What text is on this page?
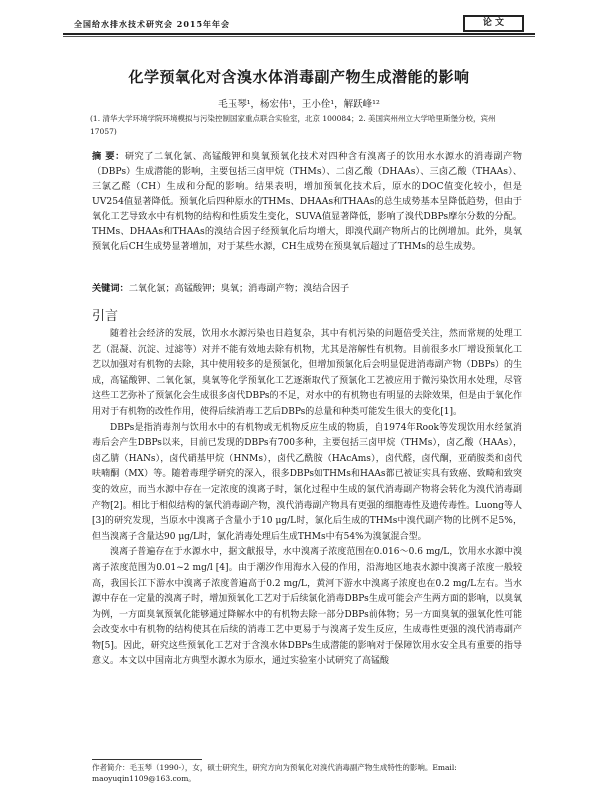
全国给水排水技术研究会 2015年年会	论 文
化学预氧化对含溴水体消毒副产物生成潜能的影响
毛玉琴¹，杨宏伟¹，王小佺¹，解跃峰¹²
(1. 清华大学环境学院环境模拟与污染控制国家重点联合实验室，北京 100084；2. 美国宾州州立大学哈里斯堡分校，宾州 17057)
摘 要：研究了二氧化氯、高锰酸钾和臭氧预氧化技术对四种含有溴离子的饮用水水源水的消毒副产物（DBPs）生成潜能的影响，主要包括三卤甲烷（THMs）、二卤乙酸（DHAAs）、三卤乙酸（THAAs）、三氯乙醛（CH）生成和分配的影响。结果表明，增加预氧化技术后，原水的DOC值变化较小，但是UV254值显著降低。预氧化后四种原水的THMs、DHAAs和THAAs的总生成势基本呈降低趋势，但由于氧化工艺导致水中有机物的结构和性质发生变化，SUVA值显著降低，影响了溴代DBPs摩尔分数的分配。THMs、DHAAs和THAAs的溴结合因子经预氧化后均增大，即溴代副产物所占的比例增加。此外，臭氧预氧化后CH生成势显著增加，对于某些水源，CH生成势在预臭氧后超过了THMs的总生成势。
关键词：二氧化氯；高锰酸钾；臭氧；消毒副产物；溴结合因子
引言

随着社会经济的发展，饮用水水源污染也日趋复杂，其中有机污染的问题倍受关注，然而常规的处理工艺（混凝、沉淀、过滤等）对并不能有效地去除有机物，尤其是溶解性有机物。目前很多水厂增设预氧化工艺以加强对有机物的去除，其中使用较多的是预氯化，但增加预氯化后会明显促进消毒副产物（DBPs）的生成，高锰酸钾、二氧化氯，臭氧等化学预氧化工艺逐渐取代了预氯化工艺被应用于微污染饮用水处理，尽管这些工艺弥补了预氯化会生成很多卤代DBPs的不足，对水中的有机物也有明显的去除效果，但是由于氧化作用对于有机物的改性作用，使得后续消毒工艺后DBPs的总量和种类可能发生很大的变化[1]。

DBPs是指消毒剂与饮用水中的有机物或无机物反应生成的物质，自1974年Rook等发现饮用水经氯消毒后会产生DBPs以来，目前已发现的DBPs有700多种，主要包括三卤甲烷（THMs），卤乙酸（HAAs），卤乙腈（HANs），卤代硝基甲烷（HNMs），卤代乙酰胺（HAcAms），卤代醛，卤代酮，亚硝胺类和卤代呋喃酮（MX）等。随着毒理学研究的深入，很多DBPs如THMs和HAAs都已被证实具有致癌、致畸和致突变的效应，而当水源中存在一定浓度的溴离子时，氯化过程中生成的氯代消毒副产物将会转化为溴代消毒副产物[2]。相比于相似结构的氯代消毒副产物，溴代消毒副产物具有更强的细胞毒性及遗传毒性。Luong等人[3]的研究发现，当原水中溴离子含量小于10 μg/L时，氯化后生成的THMs中溴代副产物的比例不足5%，但当溴离子含量达90 μg/L时，氯化消毒处理后生成THMs中有54%为溴氯混合型。

溴离子普遍存在于水源水中，据文献报导，水中溴离子浓度范围在0.016～0.6 mg/L，饮用水水源中溴离子浓度范围为0.01~2 mg/l [4]。由于潮汐作用海水入侵的作用，沿海地区地表水源中溴离子浓度一般较高，我国长江下游水中溴离子浓度普遍高于0.2 mg/L，黄河下游水中溴离子浓度也在0.2 mg/L左右。当水源中存在一定量的溴离子时，增加预氧化工艺对于后续氯化消毒DBPs生成可能会产生两方面的影响，以臭氧为例，一方面臭氧预氧化能够通过降解水中的有机物去除一部分DBPs前体物；另一方面臭氧的强氧化性可能会改变水中有机物的结构使其在后续的消毒工艺中更易于与溴离子发生反应，生成毒性更强的溴代消毒副产物[5]。因此，研究这些预氧化工艺对于含溴水体DBPs生成潜能的影响对于保障饮用水安全具有重要的指导意义。本文以中国南北方典型水源水为原水，通过实验室小试研究了高锰酸

作者简介：毛玉琴（1990-），女，硕士研究生，研究方向为预氧化对溴代消毒副产物生成特性的影响。Email: maoyuqin1109@163.com。
